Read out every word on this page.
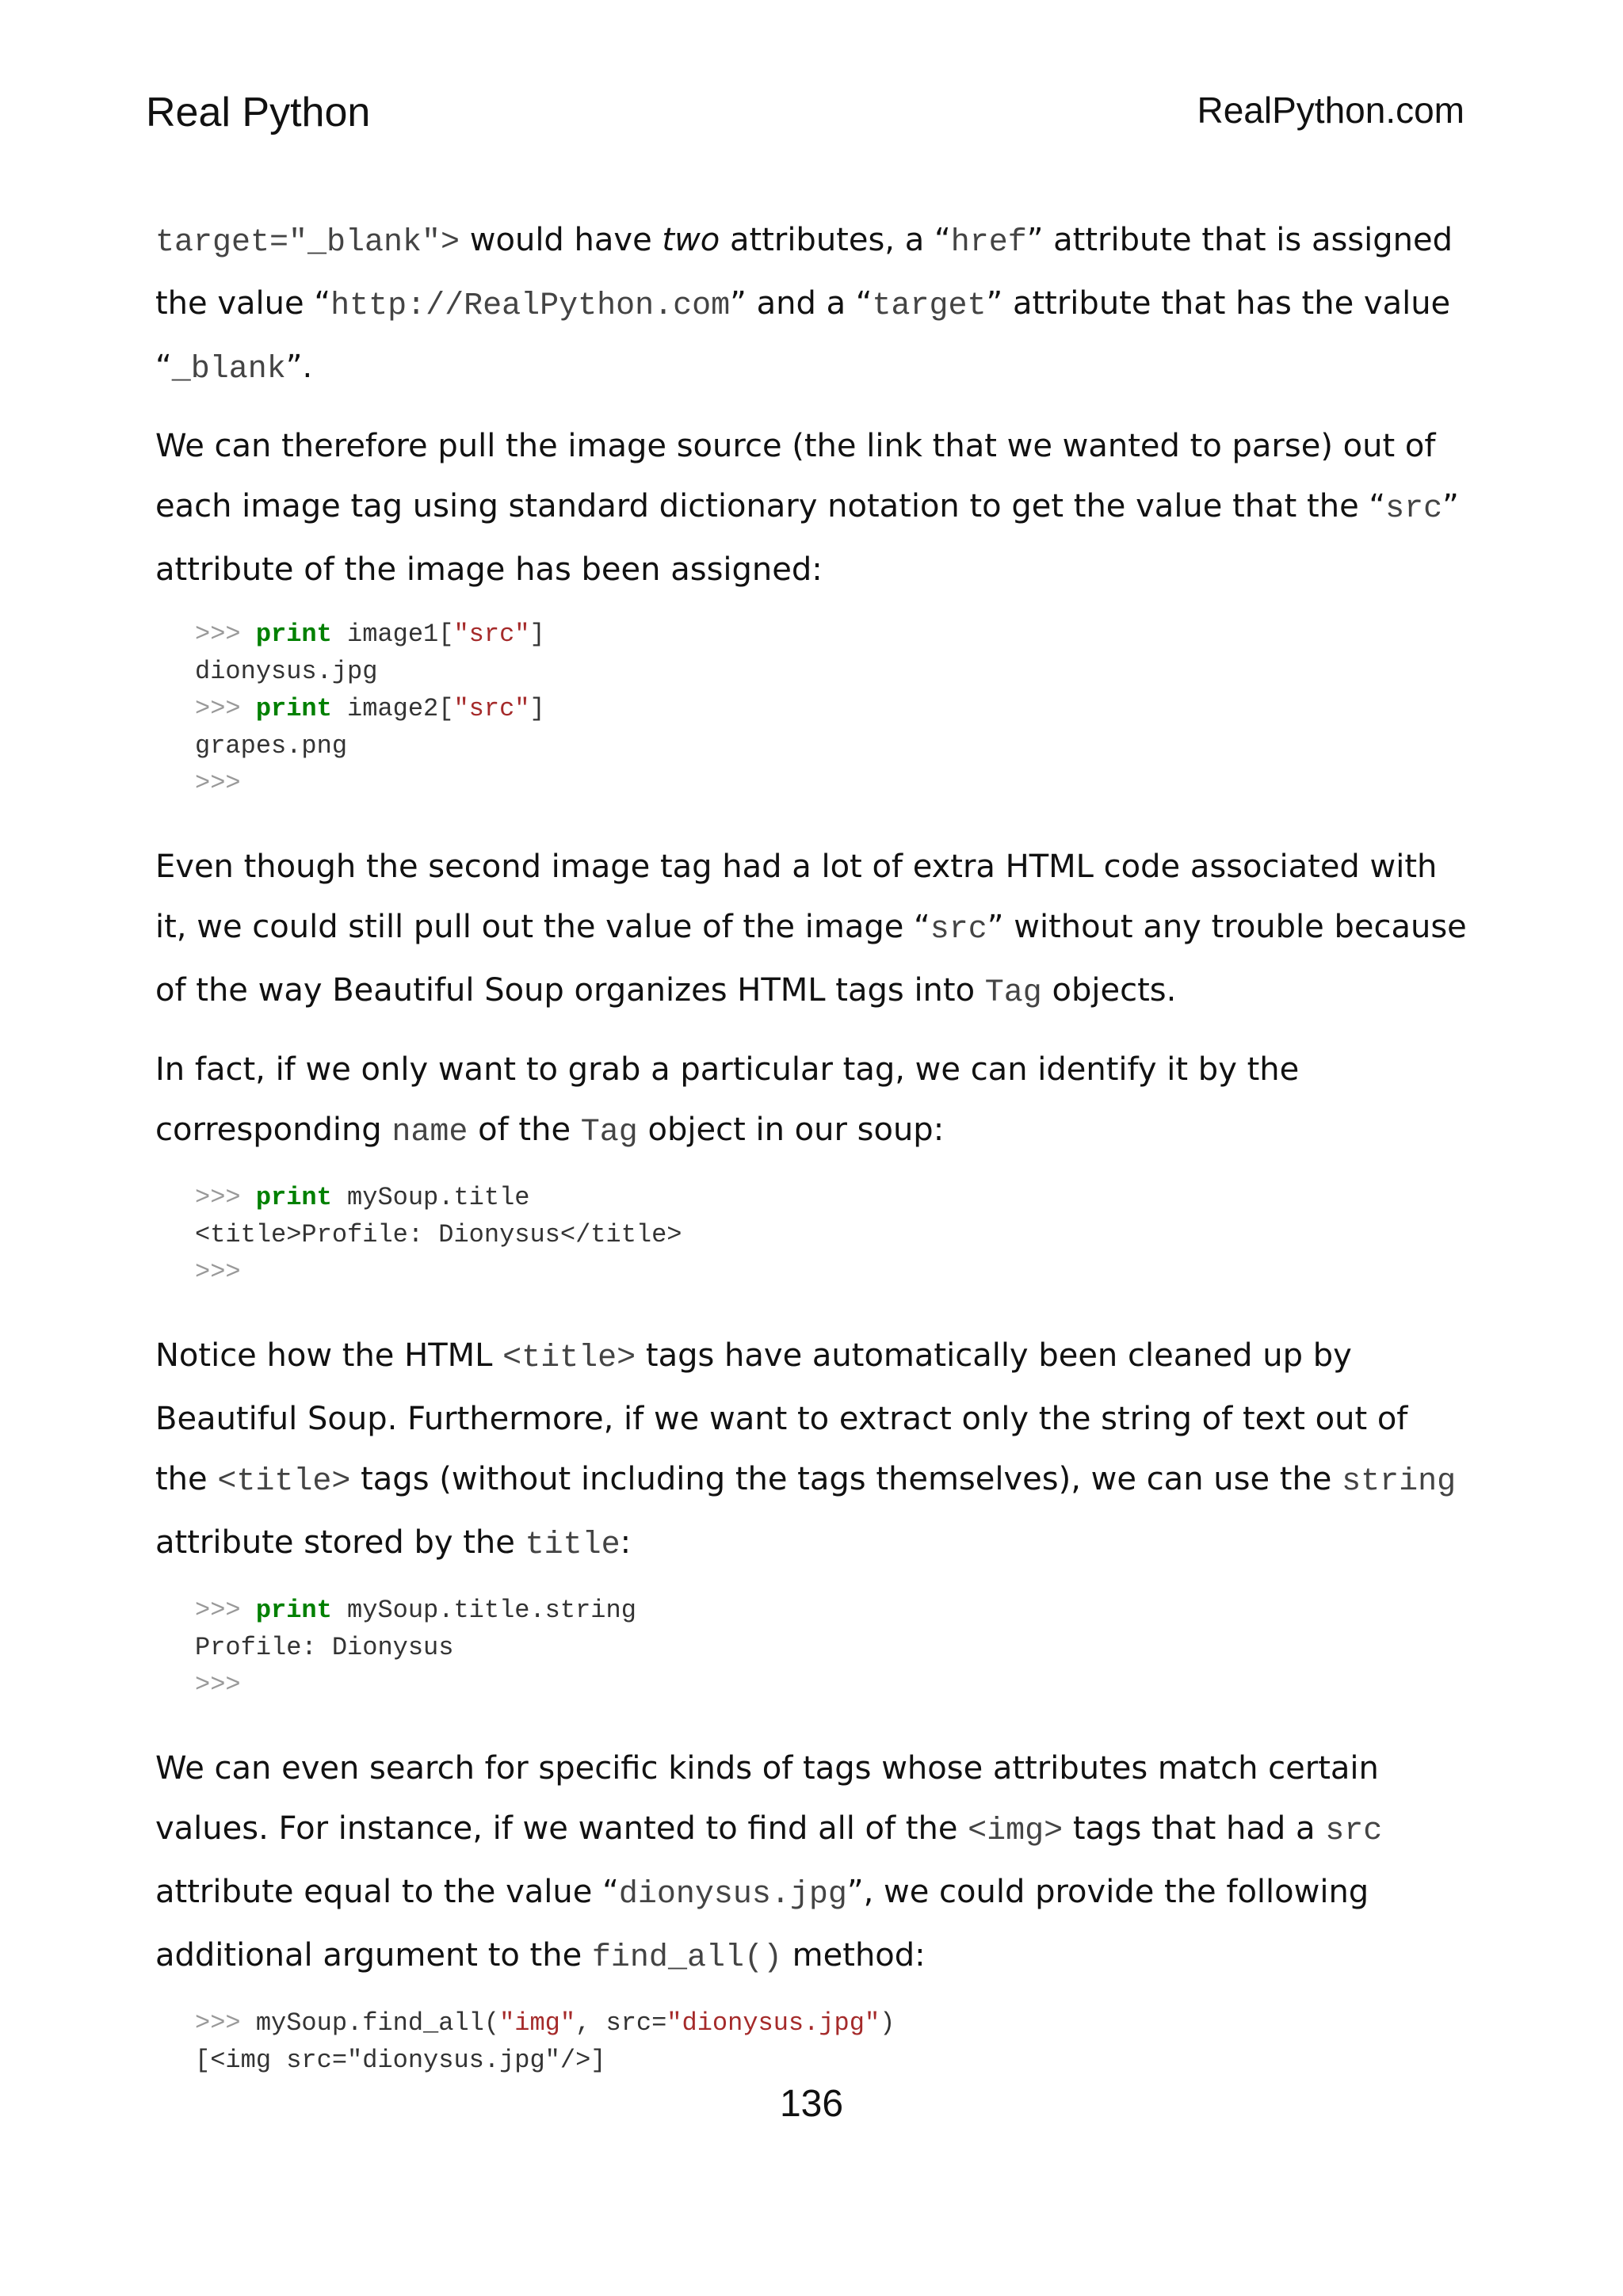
Real Python	RealPython.com

target="_blank"> would have two attributes, a “href” attribute that is assigned the value “http://RealPython.com” and a “target” attribute that has the value “_blank”.

We can therefore pull the image source (the link that we wanted to parse) out of each image tag using standard dictionary notation to get the value that the “src” attribute of the image has been assigned:

>>> print image1["src"]
dionysus.jpg
>>> print image2["src"]
grapes.png
>>>

Even though the second image tag had a lot of extra HTML code associated with it, we could still pull out the value of the image “src” without any trouble because of the way Beautiful Soup organizes HTML tags into Tag objects.

In fact, if we only want to grab a particular tag, we can identify it by the corresponding name of the Tag object in our soup:

>>> print mySoup.title
<title>Profile: Dionysus</title>
>>>

Notice how the HTML <title> tags have automatically been cleaned up by Beautiful Soup. Furthermore, if we want to extract only the string of text out of the <title> tags (without including the tags themselves), we can use the string attribute stored by the title:

>>> print mySoup.title.string
Profile: Dionysus
>>>

We can even search for specific kinds of tags whose attributes match certain values. For instance, if we wanted to find all of the <img> tags that had a src attribute equal to the value “dionysus.jpg”, we could provide the following additional argument to the find_all() method:

>>> mySoup.find_all("img", src="dionysus.jpg")
[<img src="dionysus.jpg"/>]
136
